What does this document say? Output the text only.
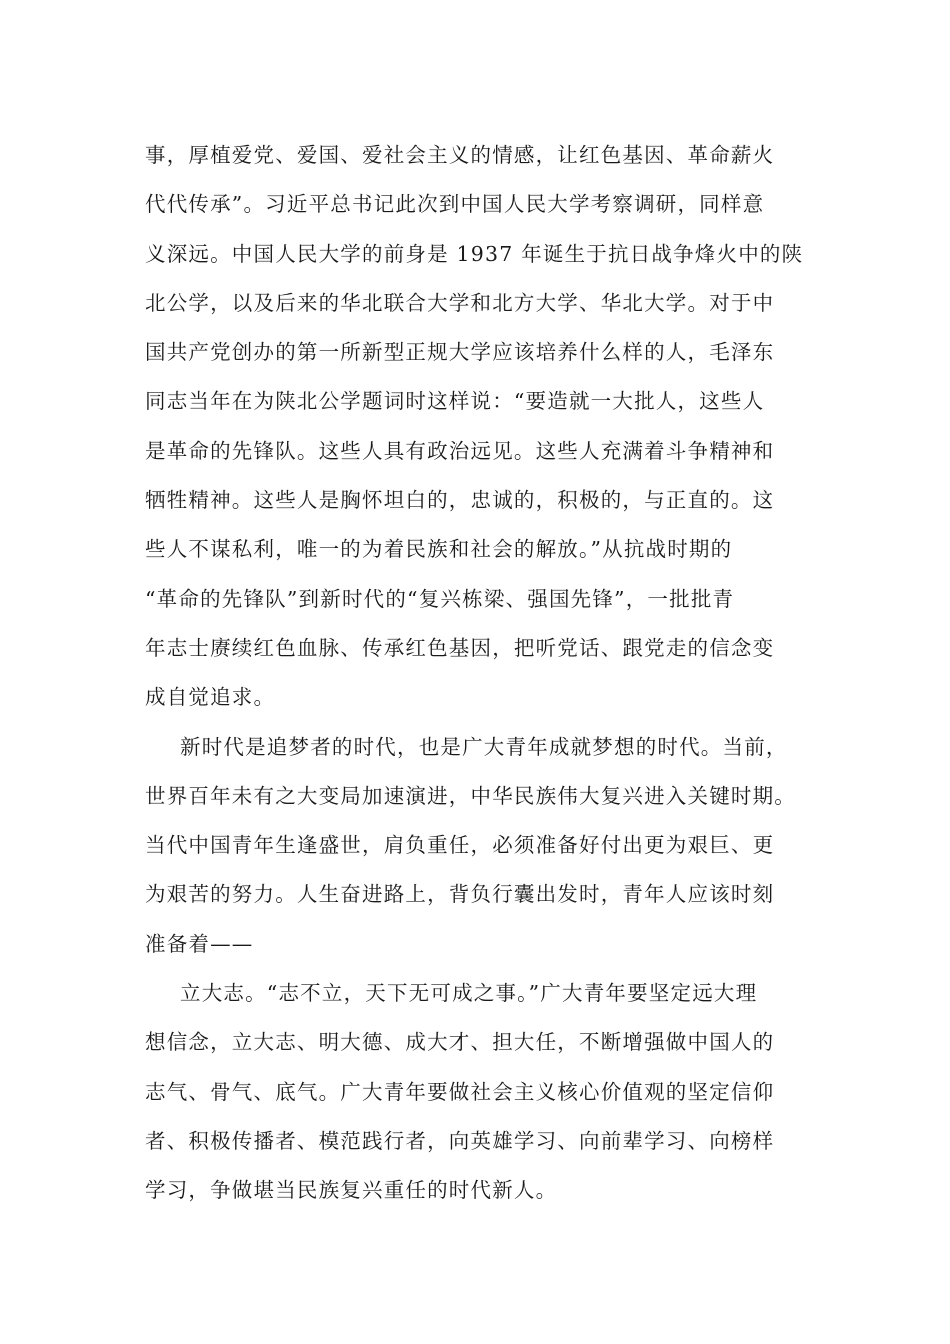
事，厚植爱党、爱国、爱社会主义的情感，让红色基因、革命薪火
代代传承”。习近平总书记此次到中国人民大学考察调研，同样意
义深远。中国人民大学的前身是 1937 年诞生于抗日战争烽火中的陕
北公学，以及后来的华北联合大学和北方大学、华北大学。对于中
国共产党创办的第一所新型正规大学应该培养什么样的人，毛泽东
同志当年在为陕北公学题词时这样说：“要造就一大批人，这些人
是革命的先锋队。这些人具有政治远见。这些人充满着斗争精神和
牺牲精神。这些人是胸怀坦白的，忠诚的，积极的，与正直的。这
些人不谋私利，唯一的为着民族和社会的解放。”从抗战时期的
“革命的先锋队”到新时代的“复兴栋梁、强国先锋”，一批批青
年志士赓续红色血脉、传承红色基因，把听党话、跟党走的信念变
成自觉追求。
新时代是追梦者的时代，也是广大青年成就梦想的时代。当前，
世界百年未有之大变局加速演进，中华民族伟大复兴进入关键时期。
当代中国青年生逢盛世，肩负重任，必须准备好付出更为艰巨、更
为艰苦的努力。人生奋进路上，背负行囊出发时，青年人应该时刻
准备着——
立大志。“志不立，天下无可成之事。”广大青年要坚定远大理
想信念，立大志、明大德、成大才、担大任，不断增强做中国人的
志气、骨气、底气。广大青年要做社会主义核心价值观的坚定信仰
者、积极传播者、模范践行者，向英雄学习、向前辈学习、向榜样
学习，争做堪当民族复兴重任的时代新人。
